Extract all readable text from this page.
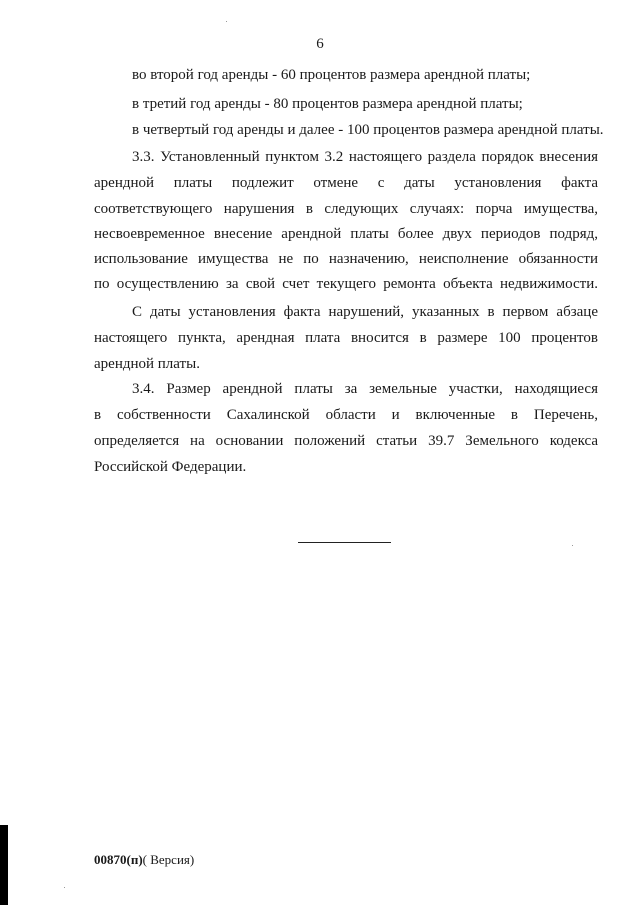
6
во второй год аренды - 60 процентов размера арендной платы;
в третий год аренды - 80 процентов размера арендной платы;
в четвертый год аренды и далее - 100 процентов размера арендной платы.
3.3. Установленный пунктом 3.2 настоящего раздела порядок внесения
арендной платы подлежит отмене с даты установления факта
соответствующего нарушения в следующих случаях: порча имущества,
несвоевременное внесение арендной платы более двух периодов подряд,
использование имущества не по назначению, неисполнение обязанности
по осуществлению за свой счет текущего ремонта объекта недвижимости.
С даты установления факта нарушений, указанных в первом абзаце
настоящего пункта, арендная плата вносится в размере 100 процентов
арендной платы.
3.4. Размер арендной платы за земельные участки, находящиеся
в собственности Сахалинской области и включенные в Перечень,
определяется на основании положений статьи 39.7 Земельного кодекса
Российской Федерации.
00870(п)( Версия)
